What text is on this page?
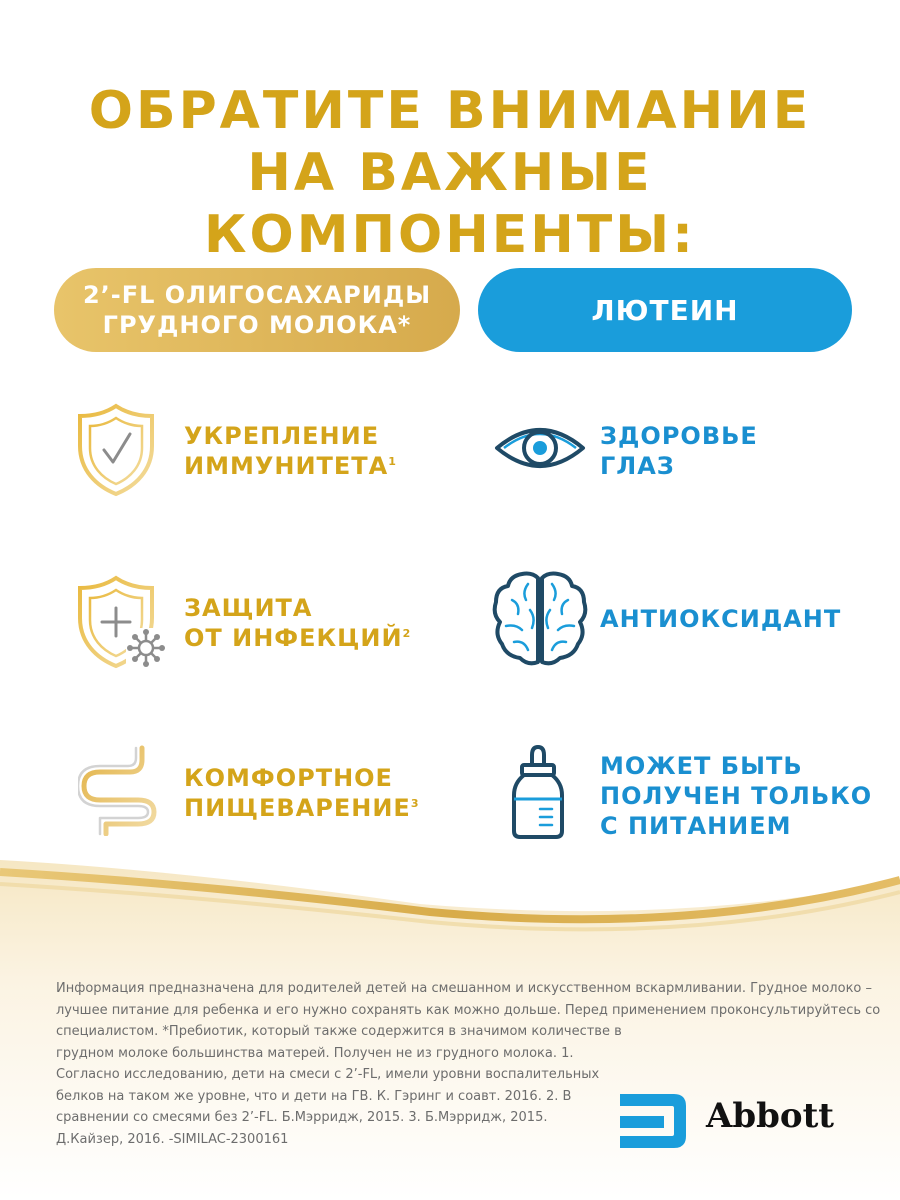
ОБРАТИТЕ ВНИМАНИЕ
НА ВАЖНЫЕ КОМПОНЕНТЫ:
2’-FL ОЛИГОСАХАРИДЫ
ГРУДНОГО МОЛОКА*	ЛЮТЕИН
УКРЕПЛЕНИЕ
ИММУНИТЕТА$^1$
ЗАЩИТА
ОТ ИНФЕКЦИЙ$^2$
КОМФОРТНОЕ
ПИЩЕВАРЕНИЕ$^3$
ЗДОРОВЬЕ
ГЛАЗ
АНТИОКСИДАНТ
МОЖЕТ БЫТЬ
ПОЛУЧЕН ТОЛЬКО
С ПИТАНИЕМ
Информация предназначена для родителей детей на смешанном и искусственном вскармливании. Грудное молоко –
лучшее питание для ребенка и его нужно сохранять как можно дольше. Перед применением проконсультируйтесь со
специалистом. *Пребиотик, который также содержится в значимом количестве в
грудном молоке большинства матерей. Получен не из грудного молока. 1.
Согласно исследованию, дети на смеси с 2’-FL, имели уровни воспалительных
белков на таком же уровне, что и дети на ГВ. К. Гэринг и соавт. 2016. 2. В
сравнении со смесями без 2’-FL. Б.Мэрридж, 2015. 3. Б.Мэрридж, 2015.
Д.Кайзер, 2016. -SIMILAC-2300161
Abbott
